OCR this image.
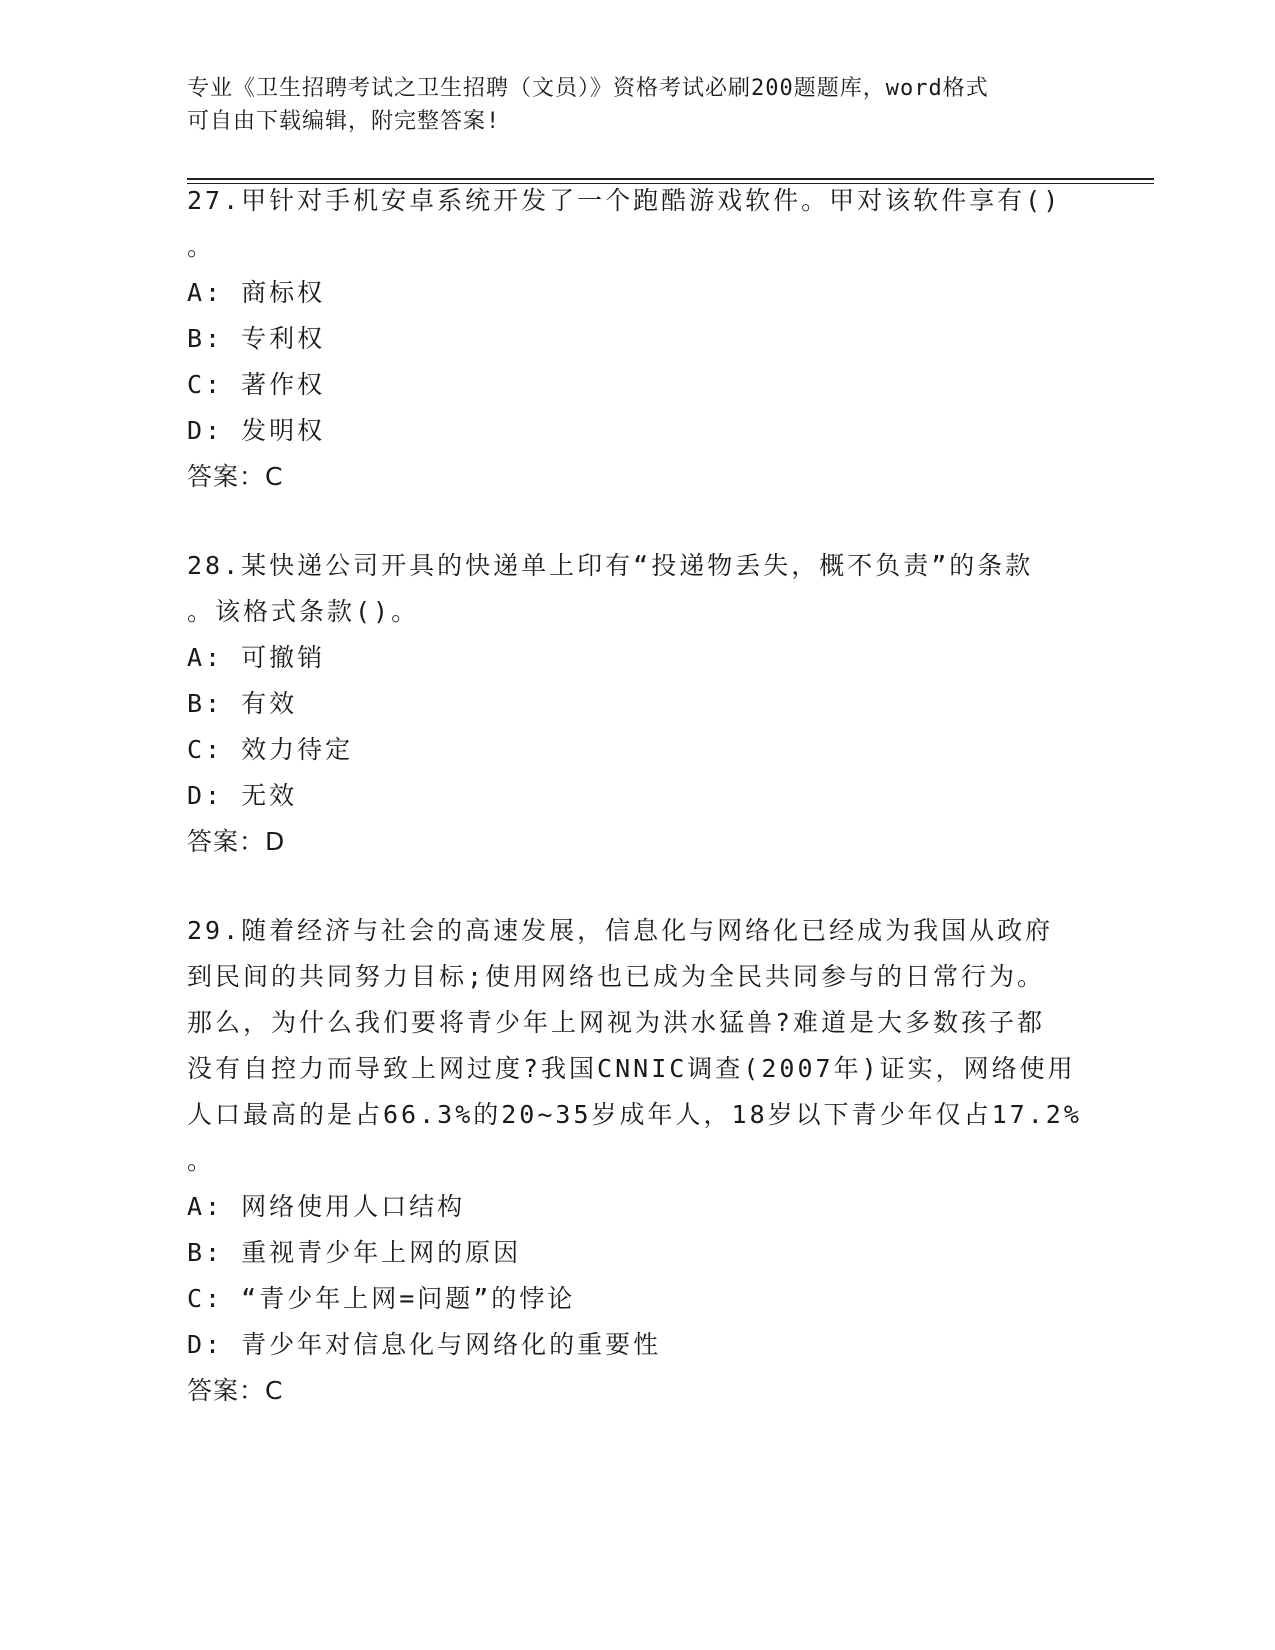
专业《卫生招聘考试之卫生招聘（文员）》资格考试必刷200题题库，word格式
可自由下载编辑，附完整答案!
27.甲针对手机安卓系统开发了一个跑酷游戏软件。甲对该软件享有()
。
A: 商标权
B: 专利权
C: 著作权
D: 发明权
答案：C
28.某快递公司开具的快递单上印有“投递物丢失，概不负责”的条款
。该格式条款()。
A: 可撤销
B: 有效
C: 效力待定
D: 无效
答案：D
29.随着经济与社会的高速发展，信息化与网络化已经成为我国从政府
到民间的共同努力目标;使用网络也已成为全民共同参与的日常行为。
那么，为什么我们要将青少年上网视为洪水猛兽?难道是大多数孩子都
没有自控力而导致上网过度?我国CNNIC调查(2007年)证实，网络使用
人口最高的是占66.3%的20~35岁成年人，18岁以下青少年仅占17.2%
。
A: 网络使用人口结构
B: 重视青少年上网的原因
C: “青少年上网=问题”的悖论
D: 青少年对信息化与网络化的重要性
答案：C
